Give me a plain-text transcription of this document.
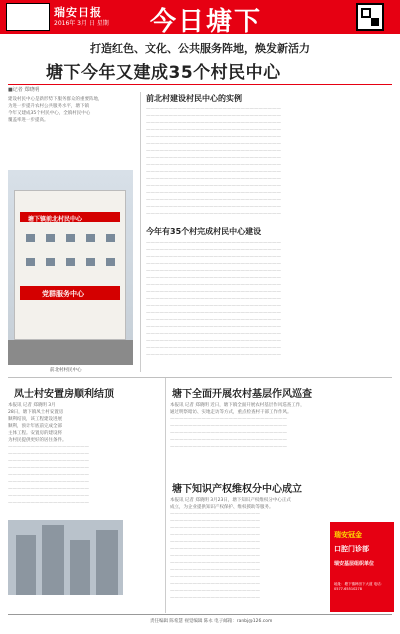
瑞安日报
2016年 3月 日 星期 今日塘下
打造红色、文化、公共服务阵地，焕发新活力
塘下今年又建成35个村民中心
■记者 郑晓明
建设村民中心是新形势下服务群众的重要阵地，
为进一步提升农村公共服务水平，塘下镇
今年又建成35个村民中心，全镇村民中心
覆盖率进一步提高。
塘下镇前北村民中心
党群服务中心
前北村村民中心
前北村建设村民中心的实例
——————————————————————————————
——————————————————————————————
——————————————————————————————
——————————————————————————————
——————————————————————————————
——————————————————————————————
——————————————————————————————
——————————————————————————————
——————————————————————————————
——————————————————————————————
——————————————————————————————
——————————————————————————————
——————————————————————————————
——————————————————————————————
——————————————————————————————
——————————————————————————————
今年有35个村完成村民中心建设
——————————————————————————————
——————————————————————————————
——————————————————————————————
——————————————————————————————
——————————————————————————————
——————————————————————————————
——————————————————————————————
——————————————————————————————
——————————————————————————————
——————————————————————————————
——————————————————————————————
——————————————————————————————
——————————————————————————————
——————————————————————————————
——————————————————————————————
——————————————————————————————
——————————————————————————————
凤士村安置房顺利结顶
本报讯 记者 郑晓明 3月
28日，塘下镇凤士村安置房
顺利结顶，该工程建设进展
顺利，预计年底前完成全部
主体工程。安置房的建设将
为村民提供更好的居住条件。
——————————————————
——————————————————
——————————————————
——————————————————
——————————————————
——————————————————
——————————————————
——————————————————
——————————————————
塘下全面开展农村基层作风巡查
本报讯 记者 郑晓明 近日，塘下镇全面开展农村基层作风巡查工作，
通过明察暗访、实地走访等方式，重点检查村干部工作作风。
——————————————————————————
——————————————————————————
——————————————————————————
——————————————————————————
——————————————————————————
塘下知识产权维权分中心成立
本报讯 记者 郑晓明 3月23日，塘下知识产权维权分中心正式
成立，为企业提供知识产权保护、维权援助等服务。
————————————————————
————————————————————
————————————————————
————————————————————
————————————————————
————————————————————
————————————————————
————————————————————
————————————————————
————————————————————
————————————————————
————————————————————
————————————————————
瑞安冠金
口腔门诊部
瑞安基层组织单位
地址：塘下镇韩田下大道 电话：0577-65510278
责任编辑 陈希慧 视觉编辑 陈永 电子邮箱：ranbj@126.com
